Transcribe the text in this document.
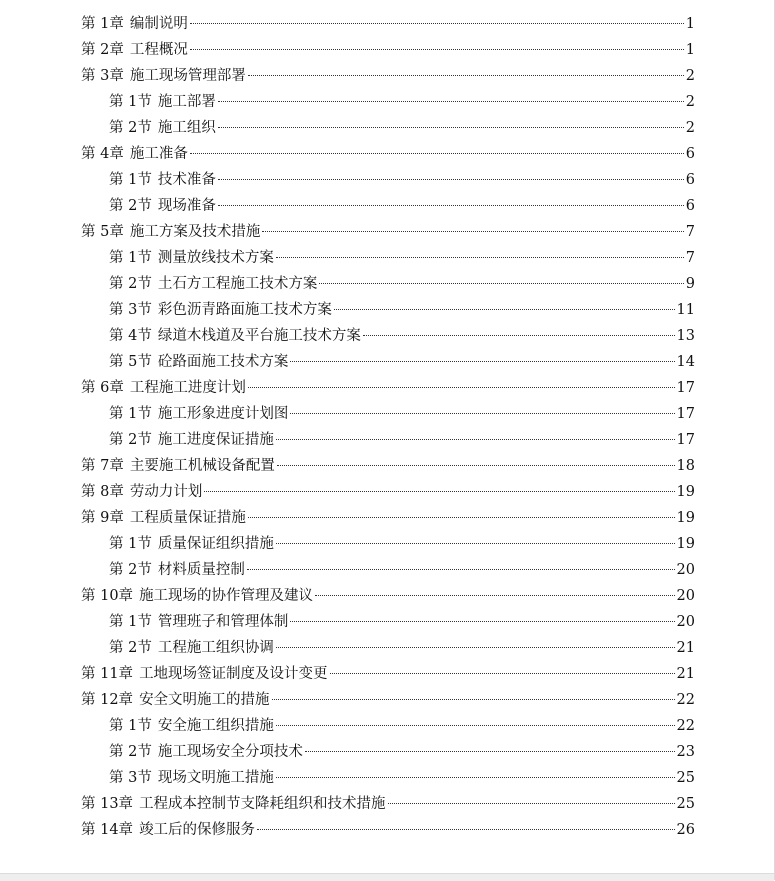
第 1章 编制说明	1
第 2章 工程概况	1
第 3章 施工现场管理部署	2
第 1节 施工部署	2
第 2节 施工组织	2
第 4章 施工准备	6
第 1节 技术准备	6
第 2节 现场准备	6
第 5章 施工方案及技术措施	7
第 1节 测量放线技术方案	7
第 2节 土石方工程施工技术方案	9
第 3节 彩色沥青路面施工技术方案	11
第 4节 绿道木栈道及平台施工技术方案	13
第 5节 砼路面施工技术方案	14
第 6章 工程施工进度计划	17
第 1节 施工形象进度计划图	17
第 2节 施工进度保证措施	17
第 7章 主要施工机械设备配置	18
第 8章 劳动力计划	19
第 9章 工程质量保证措施	19
第 1节 质量保证组织措施	19
第 2节 材料质量控制	20
第 10章 施工现场的协作管理及建议	20
第 1节 管理班子和管理体制	20
第 2节 工程施工组织协调	21
第 11章 工地现场签证制度及设计变更	21
第 12章 安全文明施工的措施	22
第 1节 安全施工组织措施	22
第 2节 施工现场安全分项技术	23
第 3节 现场文明施工措施	25
第 13章 工程成本控制节支降耗组织和技术措施	25
第 14章 竣工后的保修服务	26
